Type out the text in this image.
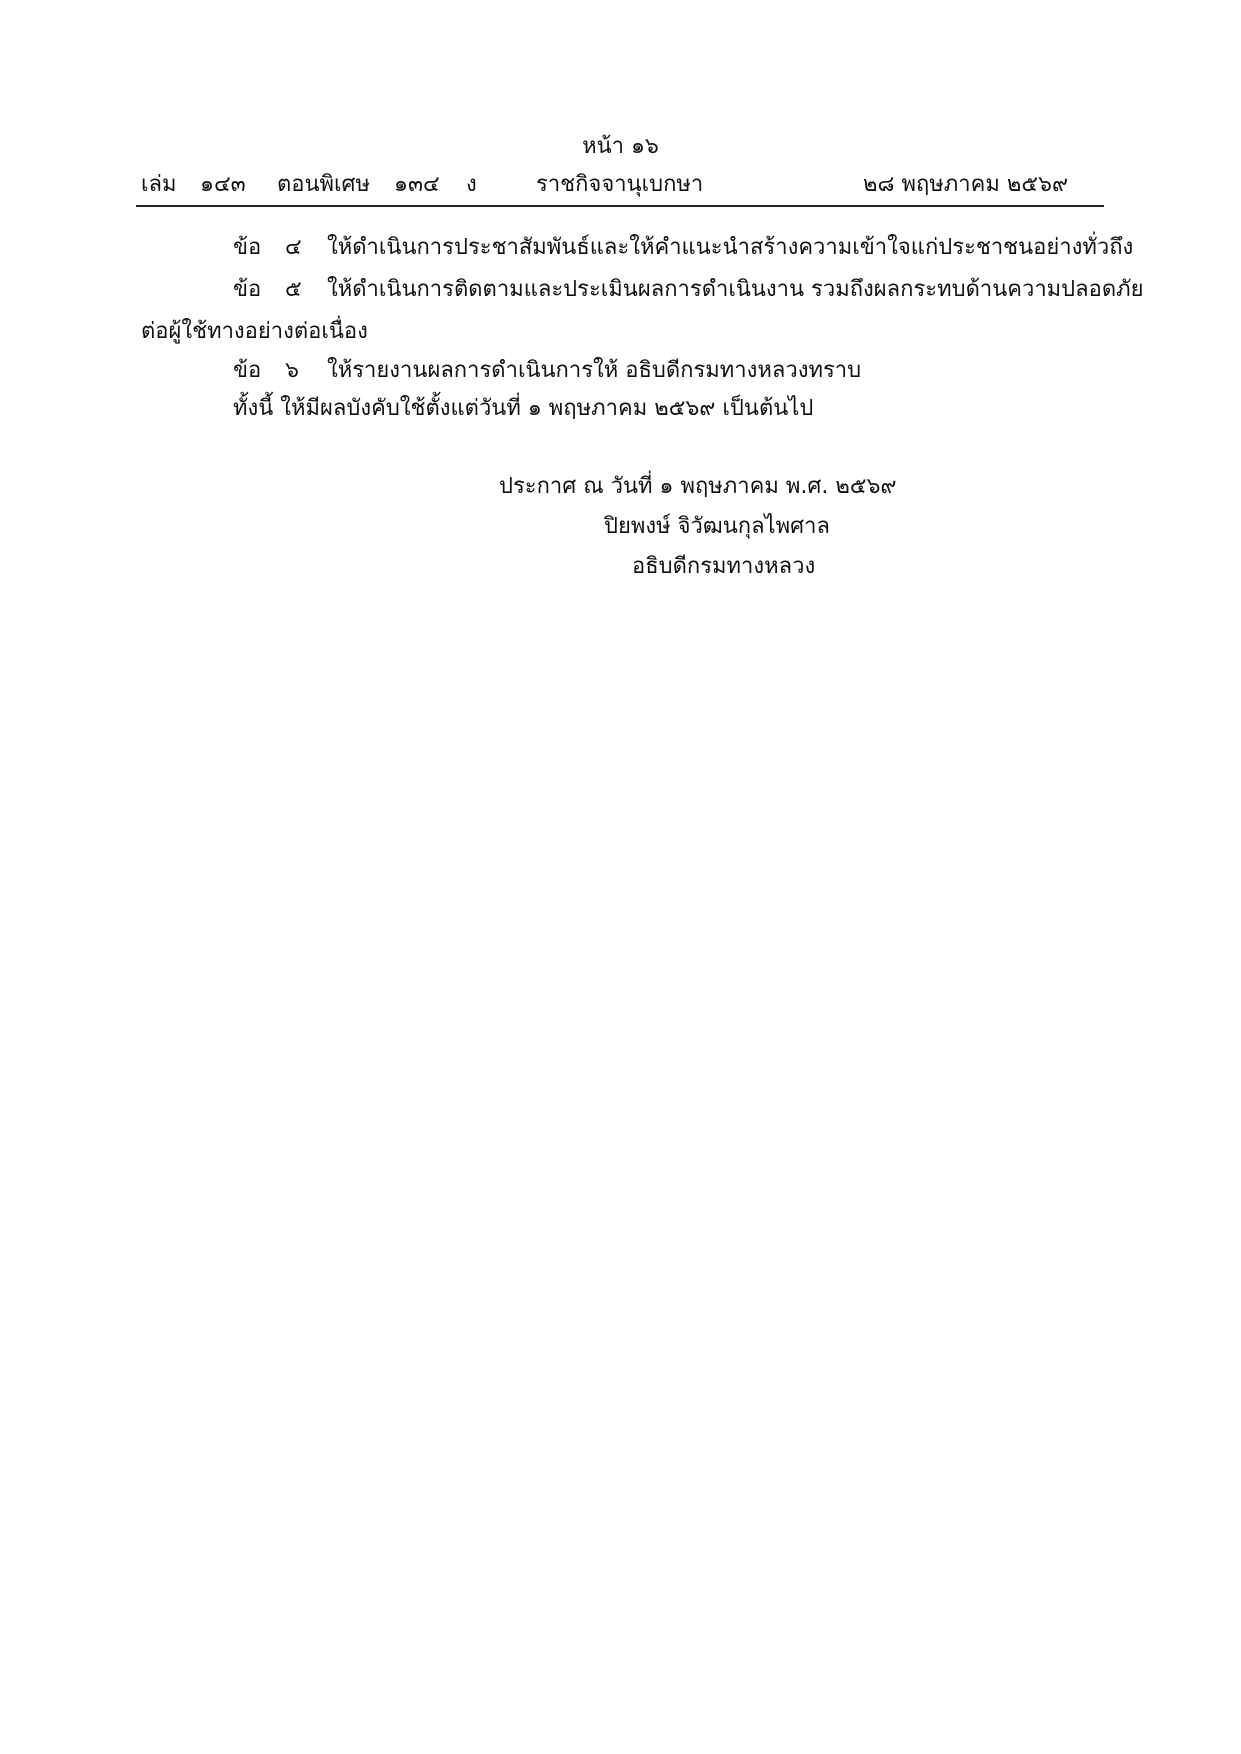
หน้า ๑๖
เล่ม ๑๔๓ ตอนพิเศษ ๑๓๔ ง	ราชกิจจานุเบกษา	๒๘ พฤษภาคม ๒๕๖๙
ข้อ ๔ ให้ดำเนินการประชาสัมพันธ์และให้คำแนะนำสร้างความเข้าใจแก่ประชาชนอย่างทั่วถึง
ข้อ ๕ ให้ดำเนินการติดตามและประเมินผลการดำเนินงาน รวมถึงผลกระทบด้านความปลอดภัย
ต่อผู้ใช้ทางอย่างต่อเนื่อง
ข้อ ๖ ให้รายงานผลการดำเนินการให้ อธิบดีกรมทางหลวงทราบ
ทั้งนี้ ให้มีผลบังคับใช้ตั้งแต่วันที่ ๑ พฤษภาคม ๒๕๖๙ เป็นต้นไป
ประกาศ ณ วันที่ ๑ พฤษภาคม พ.ศ. ๒๕๖๙
ปิยพงษ์ จิวัฒนกุลไพศาล
อธิบดีกรมทางหลวง
